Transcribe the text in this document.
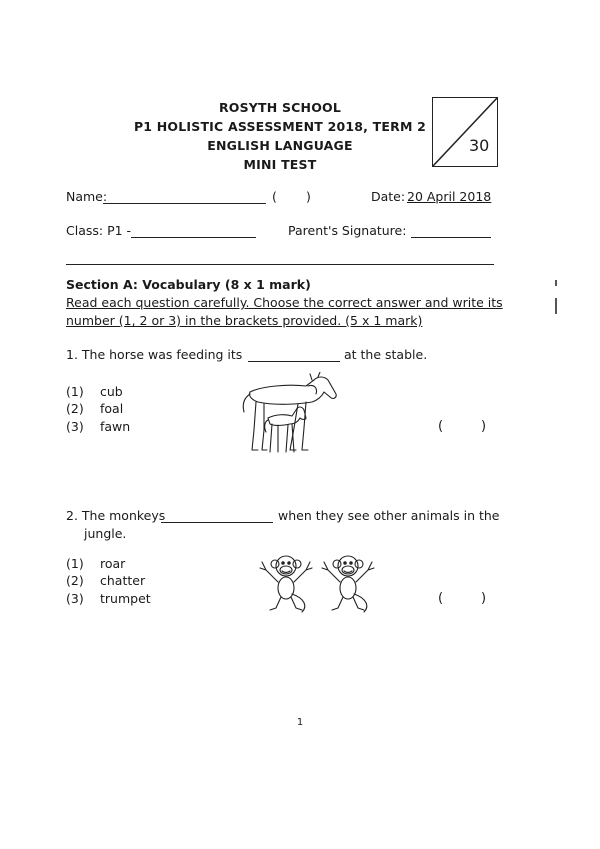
ROSYTH SCHOOL
P1 HOLISTIC ASSESSMENT 2018, TERM 2
ENGLISH LANGUAGE
MINI TEST
30
Name:	( )	Date: 20 April 2018
Class: P1 -	Parent's Signature:
Section A: Vocabulary (8 x 1 mark)
Read each question carefully. Choose the correct answer and write its
number (1, 2 or 3) in the brackets provided. (5 x 1 mark)
1. The horse was feeding its	at the stable.
(1) cub
(2) foal
(3) fawn	(	)
2. The monkeys	when they see other animals in the
jungle.
(1) roar
(2) chatter
(3) trumpet	(	)
1
